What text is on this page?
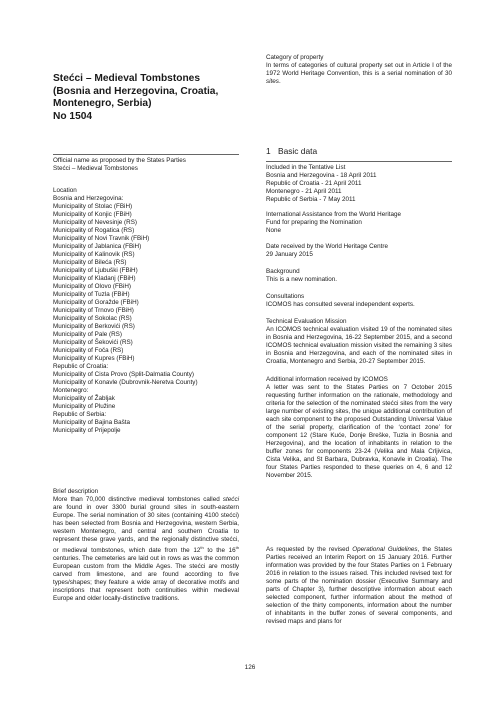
Stećci – Medieval Tombstones
(Bosnia and Herzegovina, Croatia,
Montenegro, Serbia)
No 1504

Official name as proposed by the States Parties

Stećci – Medieval Tombstones

Location

Bosnia and Herzegovina:

Municipality of Stolac (FBiH)

Municipality of Konjic (FBiH)

Municipality of Nevesinje (RS)

Municipality of Rogatica (RS)

Municipality of Novi Travnik (FBiH)

Municipality of Jablanica (FBiH)

Municipality of Kalinovik (RS)

Municipality of Bileća (RS)

Municipality of Ljubuški (FBiH)

Municipality of Kladanj (FBiH)

Municipality of Olovo (FBiH)

Municipality of Tuzla (FBiH)

Municipality of Goražde (FBiH)

Municipality of Trnovo (FBiH)

Municipality of Sokolac (RS)

Municipality of Berkovići (RS)

Municipality of Pale (RS)

Municipality of Šekovići (RS)

Municipality of Foča (RS)

Municipality of Kupres (FBiH)

Republic of Croatia:

Municipality of Cista Provo (Split-Dalmatia County)

Municipality of Konavle (Dubrovnik-Neretva County)

Montenegro:

Municipality of Žabljak

Municipality of Plužine

Republic of Serbia:

Municipality of Bajina Bašta

Municipality of Prijepolje

Brief description

More than 70,000 distinctive medieval tombstones called stećci are found in over 3300 burial ground sites in south-eastern Europe. The serial nomination of 30 sites (containing 4100 stećci) has been selected from Bosnia and Herzegovina, western Serbia, western Montenegro, and central and southern Croatia to represent these grave yards, and the regionally distinctive stećci, or medieval tombstones, which date from the 12th to the 16th centuries. The cemeteries are laid out in rows as was the common European custom from the Middle Ages. The stećci are mostly carved from limestone, and are found according to five types/shapes; they feature a wide array of decorative motifs and inscriptions that represent both continuities within medieval Europe and older locally-distinctive traditions.

Category of property

In terms of categories of cultural property set out in Article I of the 1972 World Heritage Convention, this is a serial nomination of 30 sites.

1 Basic data

Included in the Tentative List

Bosnia and Herzegovina - 18 April 2011

Republic of Croatia - 21 April 2011

Montenegro - 21 April 2011

Republic of Serbia - 7 May 2011

International Assistance from the World Heritage

Fund for preparing the Nomination

None

Date received by the World Heritage Centre

29 January 2015

Background

This is a new nomination.

Consultations

ICOMOS has consulted several independent experts.

Technical Evaluation Mission

An ICOMOS technical evaluation visited 19 of the nominated sites in Bosnia and Herzegovina, 16-22 September 2015, and a second ICOMOS technical evaluation mission visited the remaining 3 sites in Bosnia and Herzegovina, and each of the nominated sites in Croatia, Montenegro and Serbia, 20-27 September 2015.

Additional information received by ICOMOS

A letter was sent to the States Parties on 7 October 2015 requesting further information on the rationale, methodology and criteria for the selection of the nominated stećci sites from the very large number of existing sites, the unique additional contribution of each site component to the proposed Outstanding Universal Value of the serial property, clarification of the ‘contact zone’ for component 12 (Stare Kuće, Donje Breške, Tuzla in Bosnia and Herzegovina), and the location of inhabitants in relation to the buffer zones for components 23-24 (Velika and Mala Crljivica, Cista Velika, and St Barbara, Dubravka, Konavle in Croatia). The four States Parties responded to these queries on 4, 6 and 12 November 2015.

As requested by the revised Operational Guidelines, the States Parties received an Interim Report on 15 January 2016. Further information was provided by the four States Parties on 1 February 2016 in relation to the issues raised. This included revised text for some parts of the nomination dossier (Executive Summary and parts of Chapter 3), further descriptive information about each selected component, further information about the method of selection of the thirty components, information about the number of inhabitants in the buffer zones of several components, and revised maps and plans for

126
